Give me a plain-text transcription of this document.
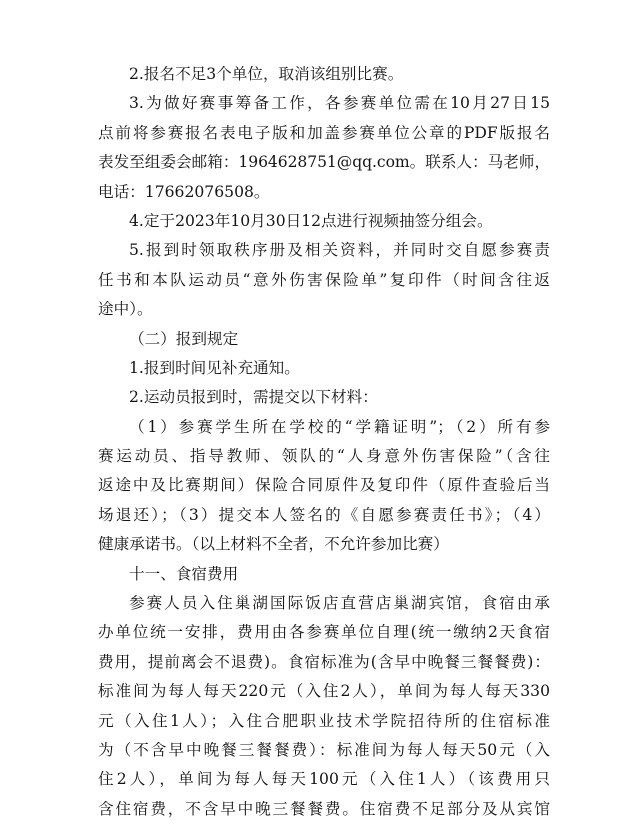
2.报名不足3个单位，取消该组别比赛。

3.为做好赛事筹备工作，各参赛单位需在10月27日15

点前将参赛报名表电子版和加盖参赛单位公章的PDF版报名

表发至组委会邮箱：1964628751@qq.com。联系人：马老师，

电话：17662076508。

4.定于2023年10月30日12点进行视频抽签分组会。

5.报到时领取秩序册及相关资料，并同时交自愿参赛责

任书和本队运动员“意外伤害保险单”复印件（时间含往返

途中）。

（二）报到规定

1.报到时间见补充通知。

2.运动员报到时，需提交以下材料：

（1）参赛学生所在学校的“学籍证明”；（2）所有参

赛运动员、指导教师、领队的“人身意外伤害保险”（含往

返途中及比赛期间）保险合同原件及复印件（原件查验后当

场退还）；（3）提交本人签名的《自愿参赛责任书》；（4）

健康承诺书。（以上材料不全者，不允许参加比赛）

十一、食宿费用

参赛人员入住巢湖国际饭店直营店巢湖宾馆，食宿由承

办单位统一安排，费用由各参赛单位自理(统一缴纳2天食宿

费用，提前离会不退费)。食宿标准为(含早中晚餐三餐餐费)：

标准间为每人每天220元（入住2人），单间为每人每天330

元（入住1人）；入住合肥职业技术学院招待所的住宿标准

为（不含早中晚餐三餐餐费）：标准间为每人每天50元（入

住2人），单间为每人每天100元（入住1人）（该费用只

含住宿费，不含早中晚三餐餐费。住宿费不足部分及从宾馆
